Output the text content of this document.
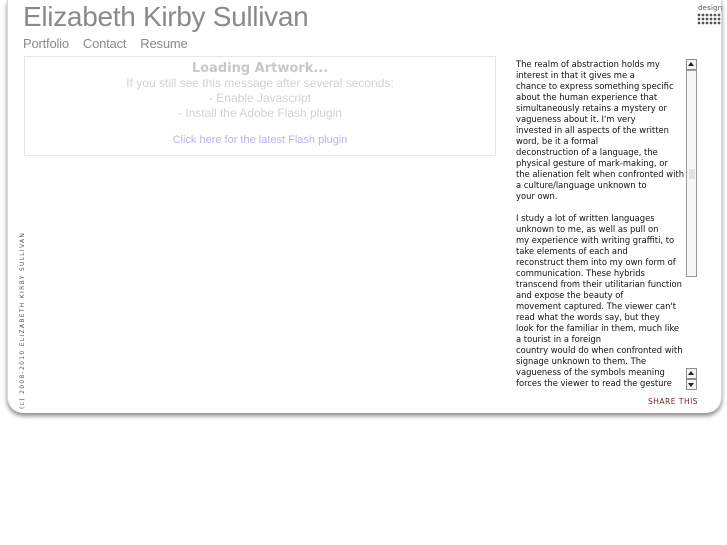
Elizabeth Kirby Sullivan
Portfolio Contact Resume
design
Loading Artwork...
If you still see this message after several seconds:
- Enable Javascript
- Install the Adobe Flash plugin
Click here for the latest Flash plugin
(c) 2008-2010 ELIZABETH KIRBY SULLIVAN

The realm of abstraction holds my
interest in that it gives me a
chance to express something specific
about the human experience that
simultaneously retains a mystery or
vagueness about it. I'm very
invested in all aspects of the written
word, be it a formal
deconstruction of a language, the
physical gesture of mark-making, or
the alienation felt when confronted with
a culture/language unknown to
your own.

I study a lot of written languages
unknown to me, as well as pull on
my experience with writing graffiti, to
take elements of each and
reconstruct them into my own form of
communication. These hybrids
transcend from their utilitarian function
and expose the beauty of
movement captured. The viewer can't
read what the words say, but they
look for the familiar in them, much like
a tourist in a foreign
country would do when confronted with
signage unknown to them. The
vagueness of the symbols meaning
forces the viewer to read the gesture

SHARE THIS
